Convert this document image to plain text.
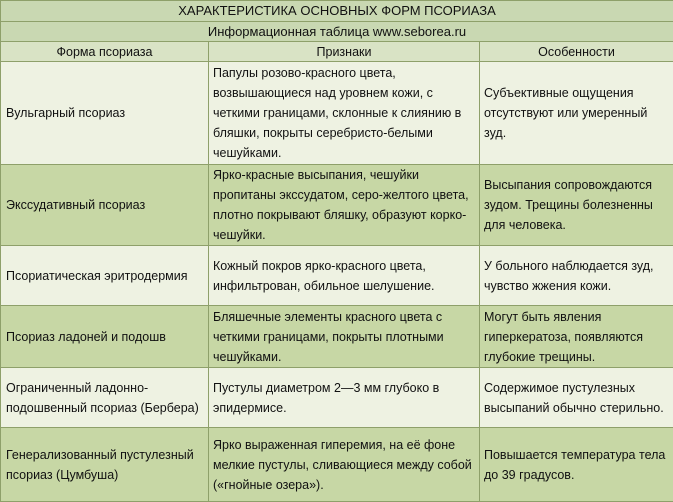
ХАРАКТЕРИСТИКА ОСНОВНЫХ ФОРМ ПСОРИАЗА		
Информационная таблица www.seborea.ru		
Форма псориаза	Признаки	Особенности
Вульгарный псориаз	Папулы розово-красного цвета, возвышающиеся над уровнем кожи, с четкими границами, склонные к слиянию в бляшки, покрыты серебристо-белыми чешуйками.	Субъективные ощущения отсутствуют или умеренный зуд.
Экссудативный псориаз	Ярко-красные высыпания, чешуйки пропитаны экссудатом, серо-желтого цвета, плотно покрывают бляшку, образуют корко-чешуйки.	Высыпания сопровождаются зудом. Трещины болезненны для человека.
Псориатическая эритродермия	Кожный покров ярко-красного цвета, инфильтрован, обильное шелушение.	У больного наблюдается зуд, чувство жжения кожи.
Псориаз ладоней и подошв	Бляшечные элементы красного цвета с четкими границами, покрыты плотными чешуйками.	Могут быть явления гиперкератоза, появляются глубокие трещины.
Ограниченный ладонно-подошвенный псориаз (Бербера)	Пустулы диаметром 2—3 мм глубоко в эпидермисе.	Содержимое пустулезных высыпаний обычно стерильно.
Генерализованный пустулезный псориаз (Цумбуша)	Ярко выраженная гиперемия, на её фоне мелкие пустулы, сливающиеся между собой («гнойные озера»).	Повышается температура тела до 39 градусов.
